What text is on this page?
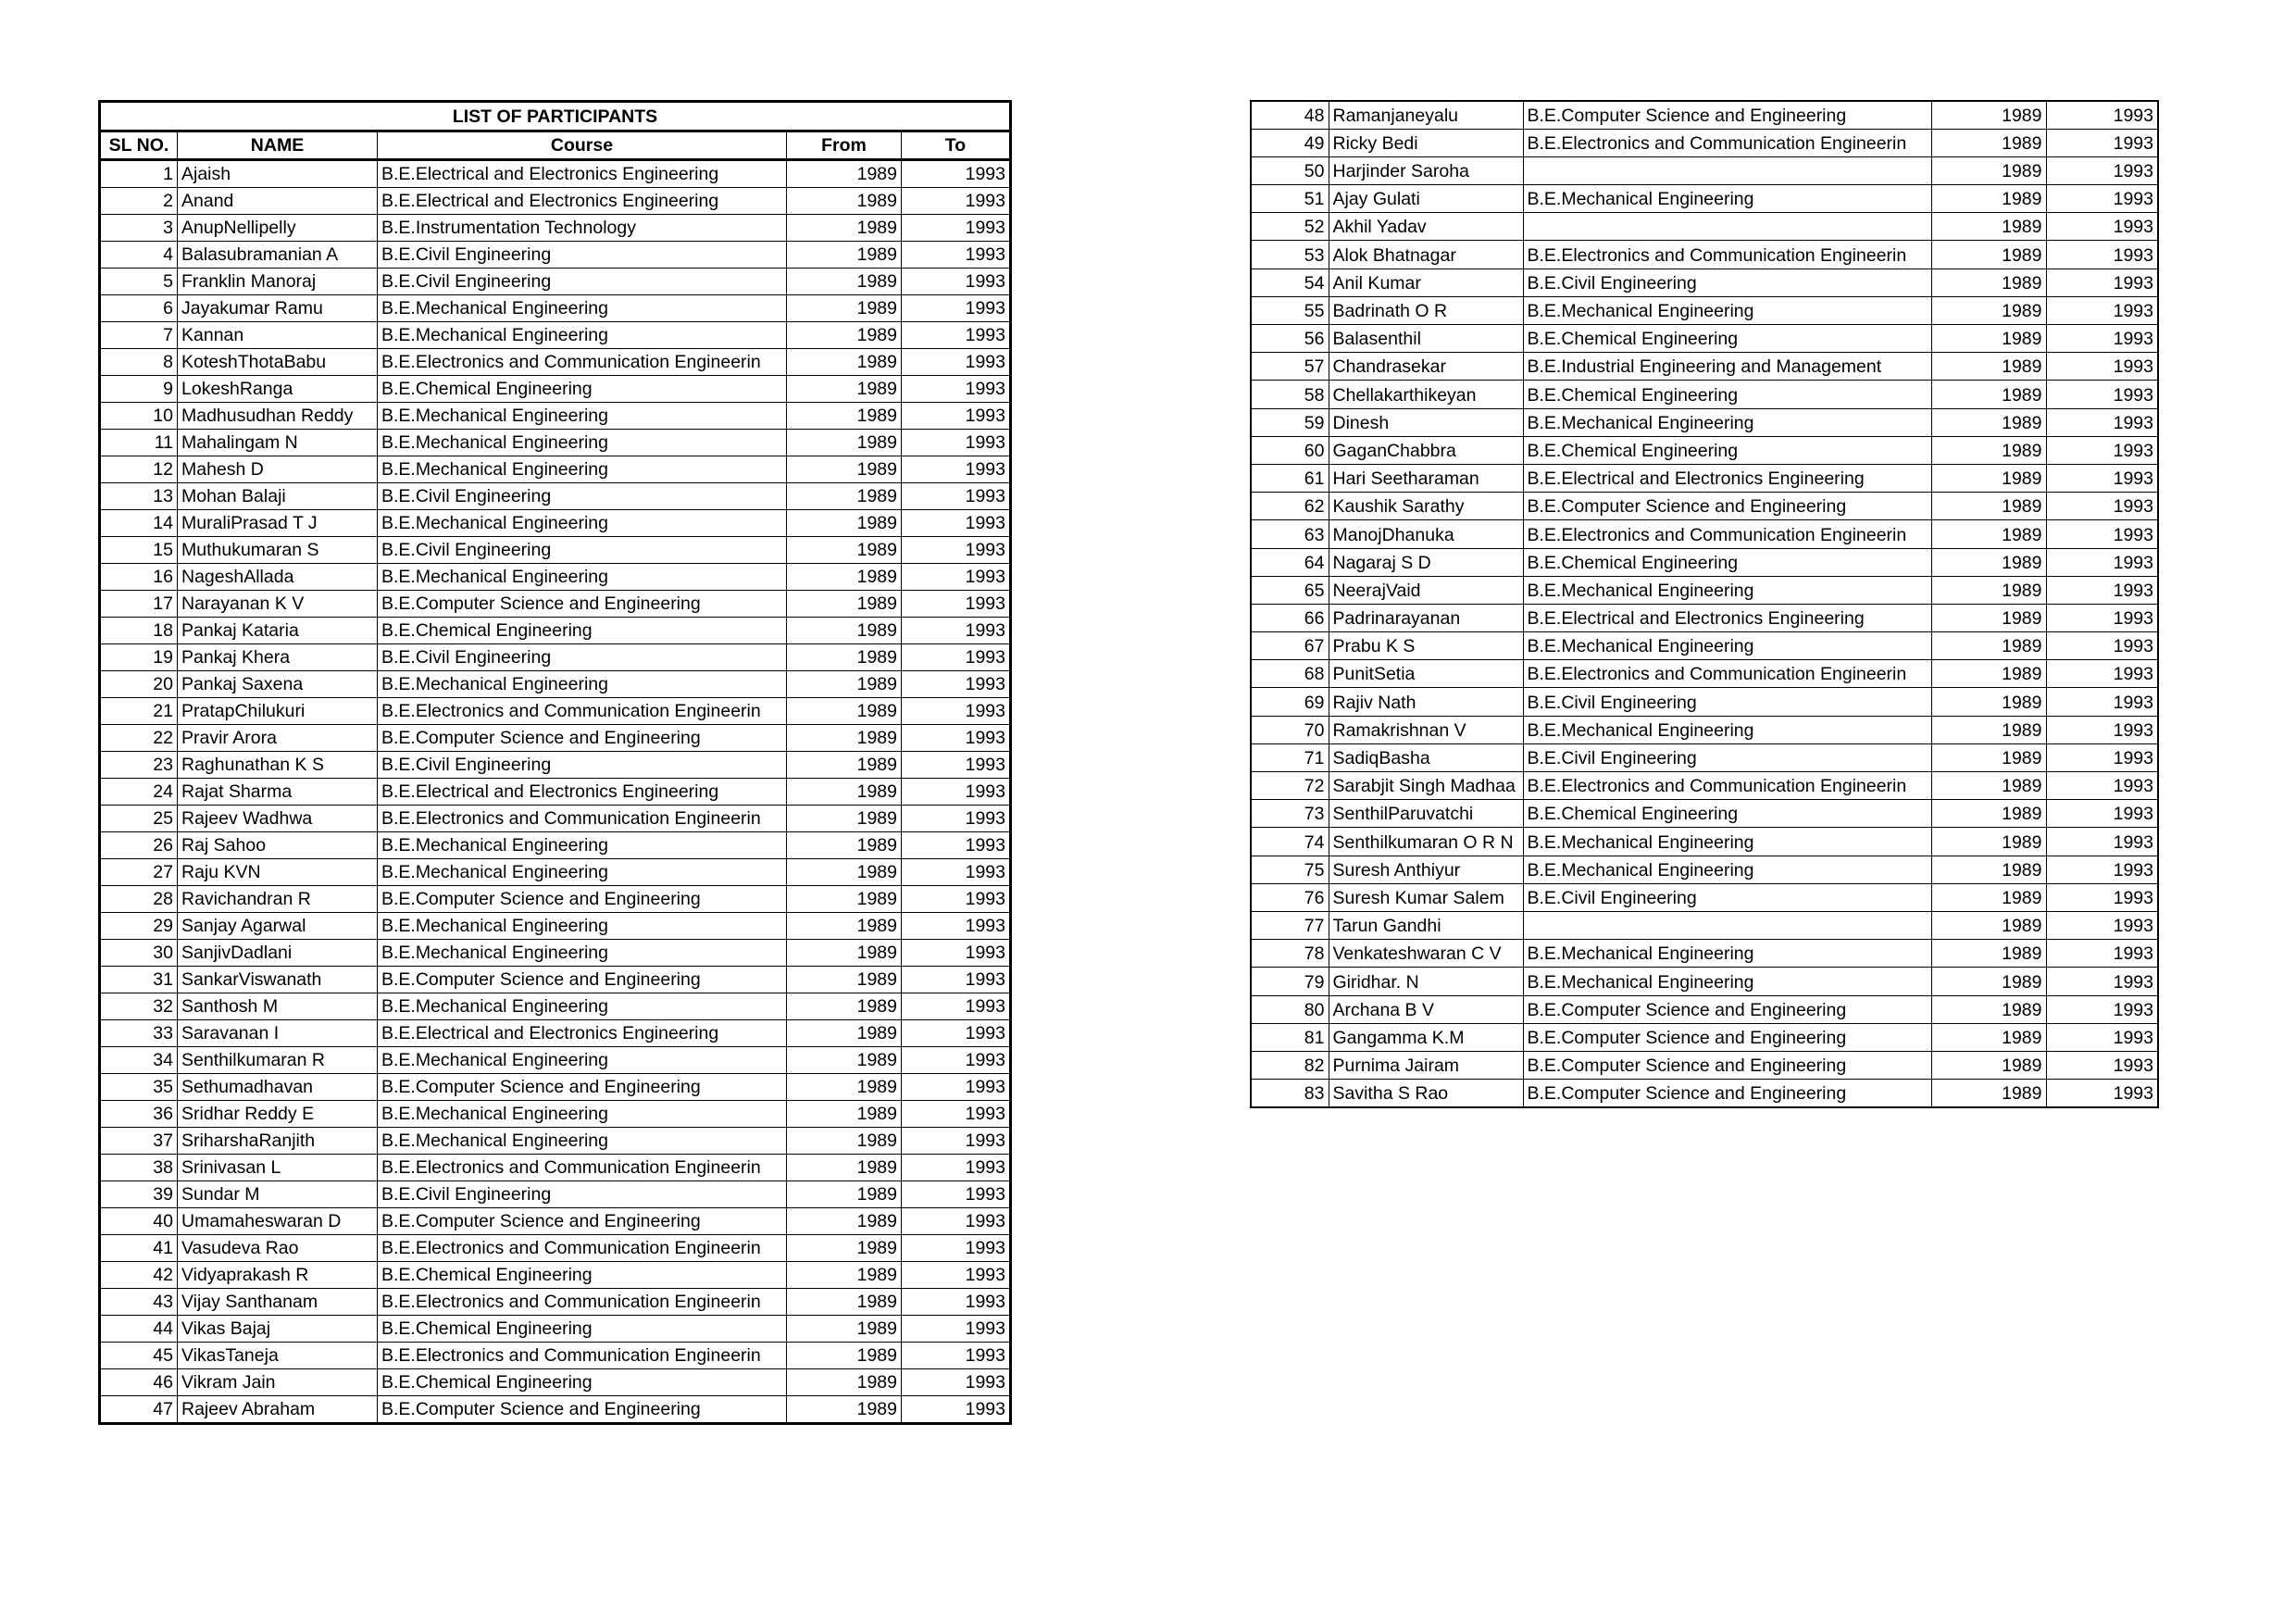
LIST OF PARTICIPANTS				
SL NO.	NAME	Course	From	To
1	Ajaish	B.E.Electrical and Electronics Engineering	1989	1993
2	Anand	B.E.Electrical and Electronics Engineering	1989	1993
3	AnupNellipelly	B.E.Instrumentation Technology	1989	1993
4	Balasubramanian A	B.E.Civil Engineering	1989	1993
5	Franklin Manoraj	B.E.Civil Engineering	1989	1993
6	Jayakumar Ramu	B.E.Mechanical Engineering	1989	1993
7	Kannan	B.E.Mechanical Engineering	1989	1993
8	KoteshThotaBabu	B.E.Electronics and Communication Engineerin	1989	1993
9	LokeshRanga	B.E.Chemical Engineering	1989	1993
10	Madhusudhan Reddy	B.E.Mechanical Engineering	1989	1993
11	Mahalingam N	B.E.Mechanical Engineering	1989	1993
12	Mahesh D	B.E.Mechanical Engineering	1989	1993
13	Mohan Balaji	B.E.Civil Engineering	1989	1993
14	MuraliPrasad T J	B.E.Mechanical Engineering	1989	1993
15	Muthukumaran S	B.E.Civil Engineering	1989	1993
16	NageshAllada	B.E.Mechanical Engineering	1989	1993
17	Narayanan K V	B.E.Computer Science and Engineering	1989	1993
18	Pankaj Kataria	B.E.Chemical Engineering	1989	1993
19	Pankaj Khera	B.E.Civil Engineering	1989	1993
20	Pankaj Saxena	B.E.Mechanical Engineering	1989	1993
21	PratapChilukuri	B.E.Electronics and Communication Engineerin	1989	1993
22	Pravir Arora	B.E.Computer Science and Engineering	1989	1993
23	Raghunathan K S	B.E.Civil Engineering	1989	1993
24	Rajat Sharma	B.E.Electrical and Electronics Engineering	1989	1993
25	Rajeev Wadhwa	B.E.Electronics and Communication Engineerin	1989	1993
26	Raj Sahoo	B.E.Mechanical Engineering	1989	1993
27	Raju KVN	B.E.Mechanical Engineering	1989	1993
28	Ravichandran R	B.E.Computer Science and Engineering	1989	1993
29	Sanjay Agarwal	B.E.Mechanical Engineering	1989	1993
30	SanjivDadlani	B.E.Mechanical Engineering	1989	1993
31	SankarViswanath	B.E.Computer Science and Engineering	1989	1993
32	Santhosh M	B.E.Mechanical Engineering	1989	1993
33	Saravanan I	B.E.Electrical and Electronics Engineering	1989	1993
34	Senthilkumaran R	B.E.Mechanical Engineering	1989	1993
35	Sethumadhavan	B.E.Computer Science and Engineering	1989	1993
36	Sridhar Reddy E	B.E.Mechanical Engineering	1989	1993
37	SriharshaRanjith	B.E.Mechanical Engineering	1989	1993
38	Srinivasan L	B.E.Electronics and Communication Engineerin	1989	1993
39	Sundar M	B.E.Civil Engineering	1989	1993
40	Umamaheswaran D	B.E.Computer Science and Engineering	1989	1993
41	Vasudeva Rao	B.E.Electronics and Communication Engineerin	1989	1993
42	Vidyaprakash R	B.E.Chemical Engineering	1989	1993
43	Vijay Santhanam	B.E.Electronics and Communication Engineerin	1989	1993
44	Vikas Bajaj	B.E.Chemical Engineering	1989	1993
45	VikasTaneja	B.E.Electronics and Communication Engineerin	1989	1993
46	Vikram Jain	B.E.Chemical Engineering	1989	1993
47	Rajeev Abraham	B.E.Computer Science and Engineering	1989	1993
48	Ramanjaneyalu	B.E.Computer Science and Engineering	1989	1993
49	Ricky Bedi	B.E.Electronics and Communication Engineerin	1989	1993
50	Harjinder Saroha		1989	1993
51	Ajay Gulati	B.E.Mechanical Engineering	1989	1993
52	Akhil Yadav		1989	1993
53	Alok Bhatnagar	B.E.Electronics and Communication Engineerin	1989	1993
54	Anil Kumar	B.E.Civil Engineering	1989	1993
55	Badrinath O R	B.E.Mechanical Engineering	1989	1993
56	Balasenthil	B.E.Chemical Engineering	1989	1993
57	Chandrasekar	B.E.Industrial Engineering and Management	1989	1993
58	Chellakarthikeyan	B.E.Chemical Engineering	1989	1993
59	Dinesh	B.E.Mechanical Engineering	1989	1993
60	GaganChabbra	B.E.Chemical Engineering	1989	1993
61	Hari Seetharaman	B.E.Electrical and Electronics Engineering	1989	1993
62	Kaushik Sarathy	B.E.Computer Science and Engineering	1989	1993
63	ManojDhanuka	B.E.Electronics and Communication Engineerin	1989	1993
64	Nagaraj S D	B.E.Chemical Engineering	1989	1993
65	NeerajVaid	B.E.Mechanical Engineering	1989	1993
66	Padrinarayanan	B.E.Electrical and Electronics Engineering	1989	1993
67	Prabu K S	B.E.Mechanical Engineering	1989	1993
68	PunitSetia	B.E.Electronics and Communication Engineerin	1989	1993
69	Rajiv Nath	B.E.Civil Engineering	1989	1993
70	Ramakrishnan V	B.E.Mechanical Engineering	1989	1993
71	SadiqBasha	B.E.Civil Engineering	1989	1993
72	Sarabjit Singh Madhaa	B.E.Electronics and Communication Engineerin	1989	1993
73	SenthilParuvatchi	B.E.Chemical Engineering	1989	1993
74	Senthilkumaran O R N	B.E.Mechanical Engineering	1989	1993
75	Suresh Anthiyur	B.E.Mechanical Engineering	1989	1993
76	Suresh Kumar Salem	B.E.Civil Engineering	1989	1993
77	Tarun Gandhi		1989	1993
78	Venkateshwaran C V	B.E.Mechanical Engineering	1989	1993
79	Giridhar. N	B.E.Mechanical Engineering	1989	1993
80	Archana B V	B.E.Computer Science and Engineering	1989	1993
81	Gangamma K.M	B.E.Computer Science and Engineering	1989	1993
82	Purnima Jairam	B.E.Computer Science and Engineering	1989	1993
83	Savitha S Rao	B.E.Computer Science and Engineering	1989	1993
